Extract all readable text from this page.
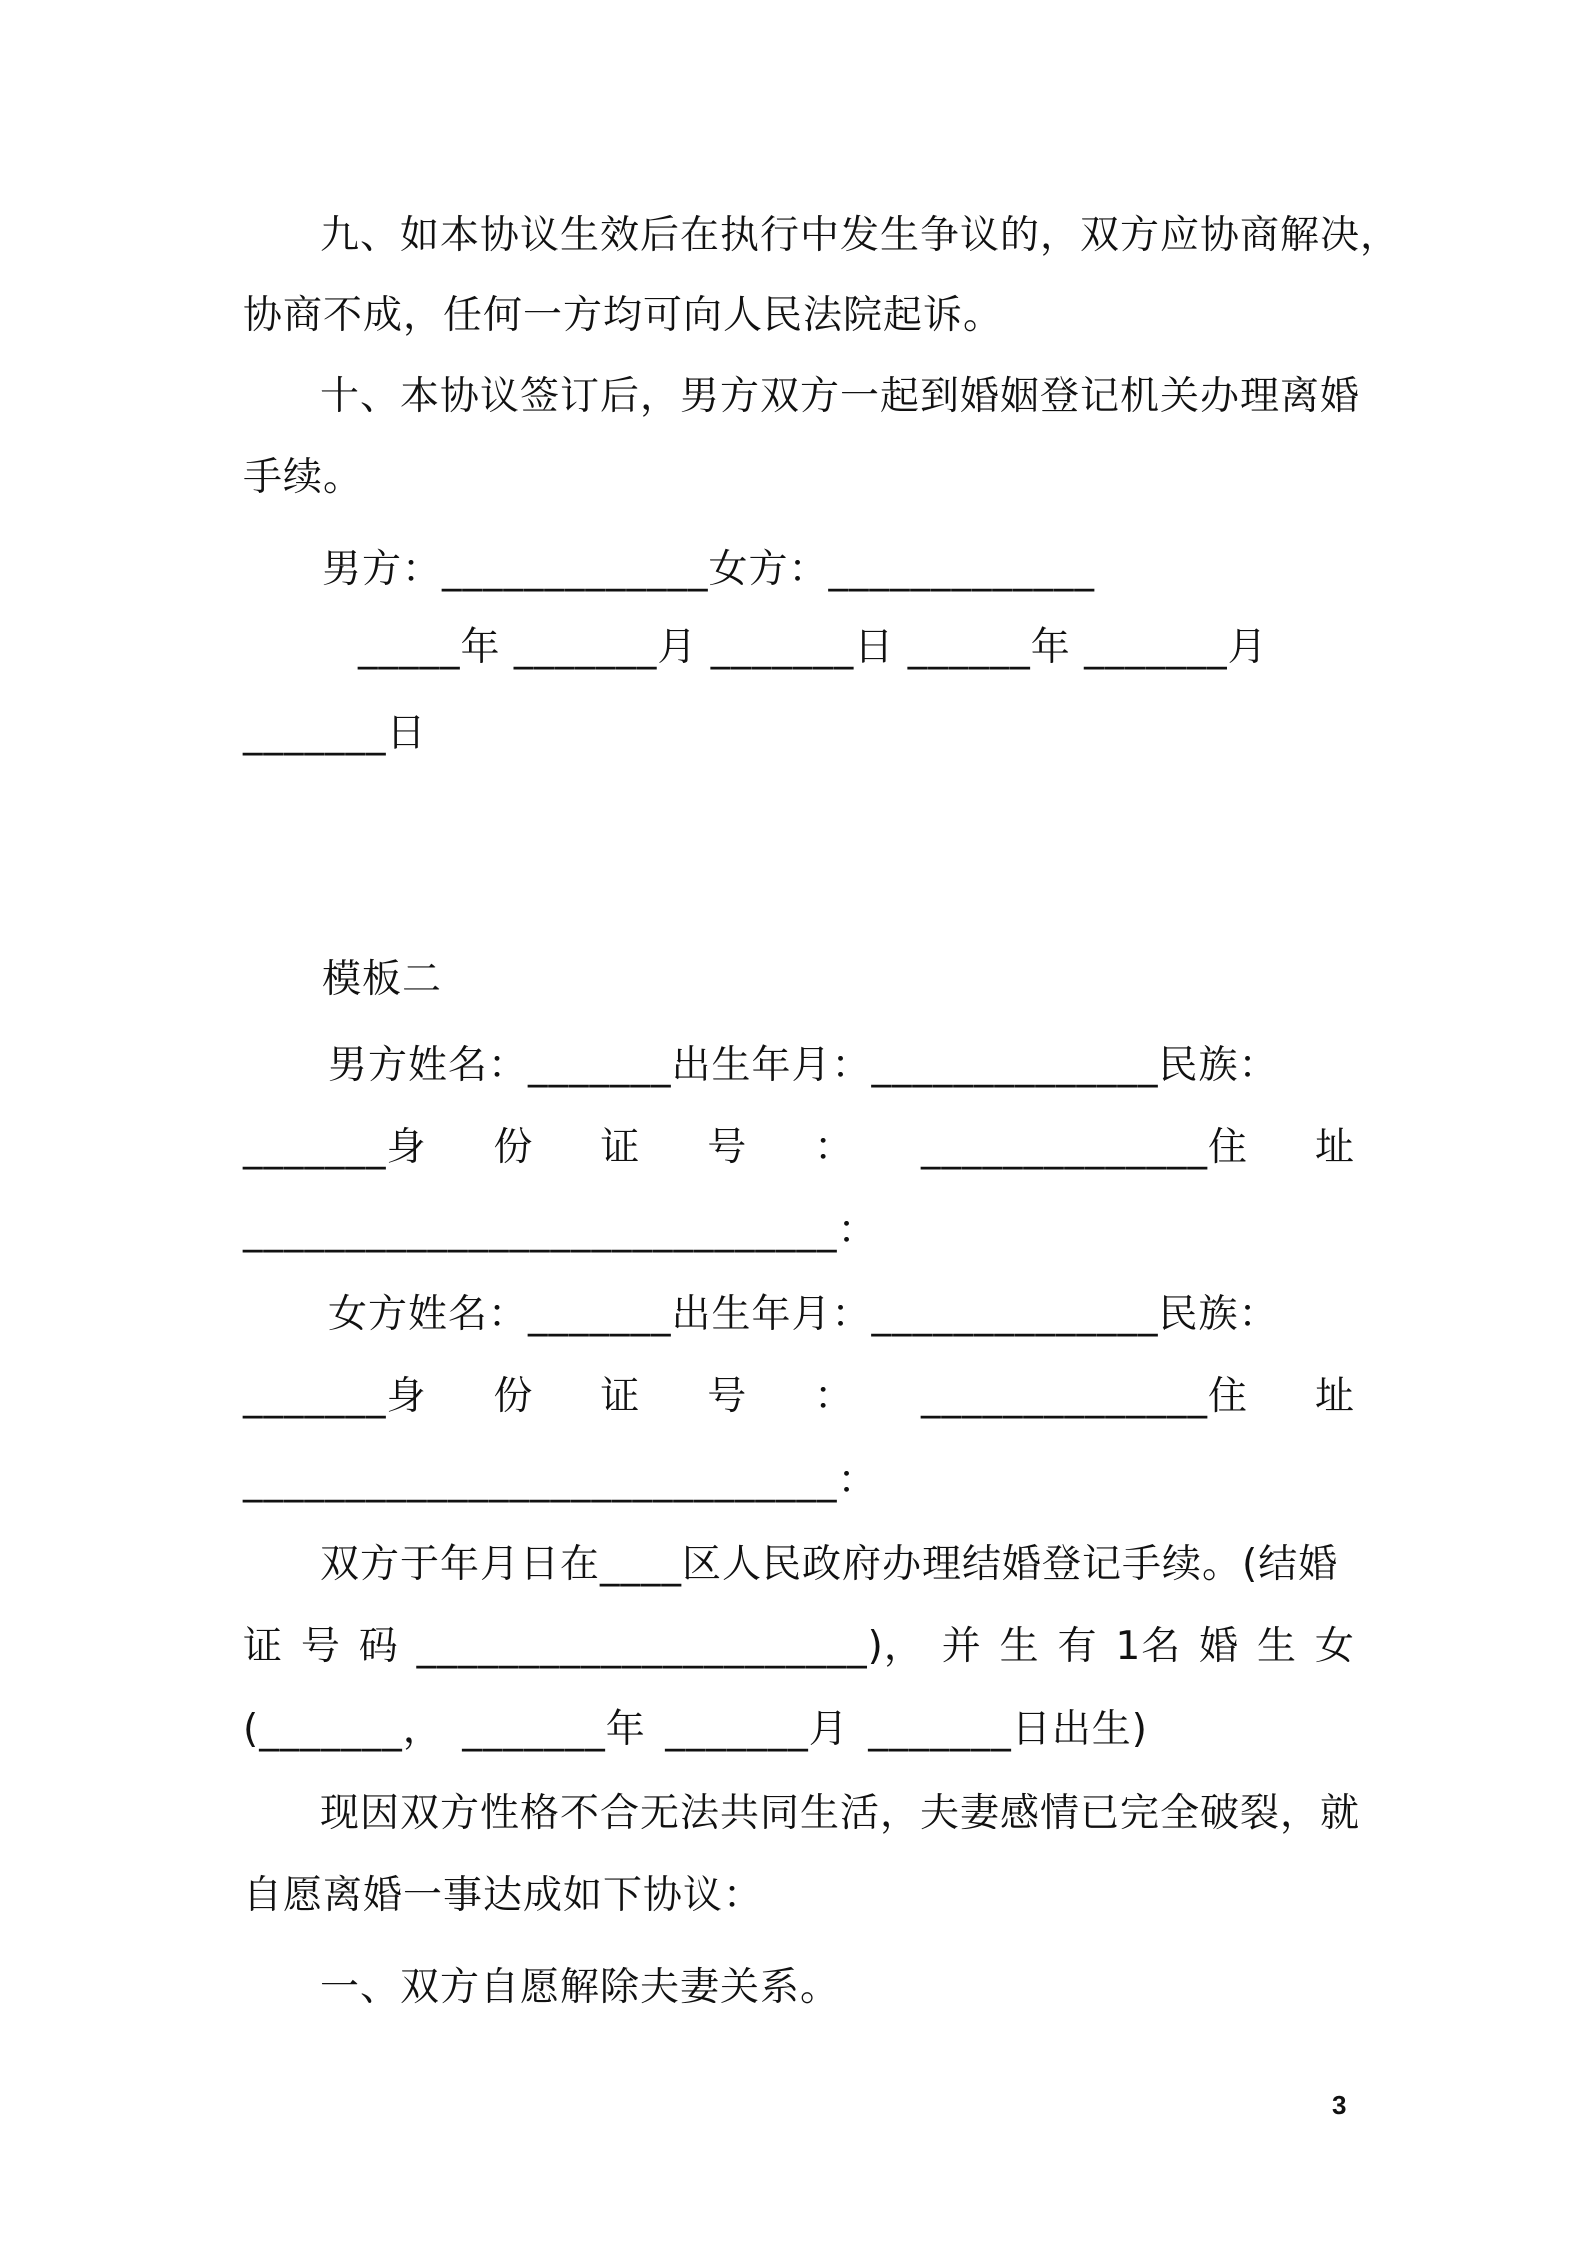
九、如本协议生效后在执行中发生争议的，双方应协商解决，
协商不成，任何一方均可向人民法院起诉。
十、本协议签订后，男方双方一起到婚姻登记机关办理离婚
手续。
男方：_____________女方：_____________
_____年 _______月 _______日 ______年 _______月
_______日
模板二
男方姓名：_______出生年月：______________民族：
_______身 份 证 号 ： ______________住 址
_____________________________：
女方姓名：_______出生年月：______________民族：
_______身 份 证 号 ： ______________住 址
_____________________________：
双方于年月日在____区人民政府办理结婚登记手续。(结婚
证 号 码 ______________________)， 并 生 有 1名 婚 生 女
(_______， _______年 _______月 _______日出生)
现因双方性格不合无法共同生活，夫妻感情已完全破裂，就
自愿离婚一事达成如下协议：
一、双方自愿解除夫妻关系。
3
